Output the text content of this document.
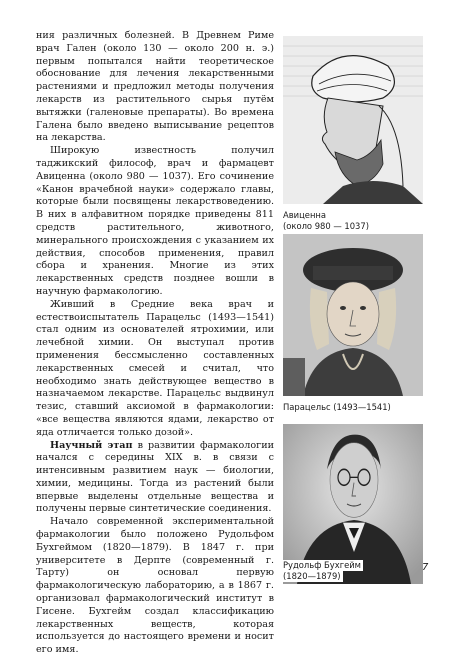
ния различных болезней. В Древнем Риме врач Гален (около 130 — около 200 н. э.) первым попытался найти теоретическое обоснование для лечения лекарственными растениями и предложил методы получения лекарств из растительного сырья путём вытяжки (галеновые препараты). Во времена Галена было введено выписывание рецептов на лекарства.

Широкую известность получил таджикский философ, врач и фармацевт Авиценна (около 980 — 1037). Его сочинение «Канон врачебной науки» содержало главы, которые были посвящены лекарствоведению. В них в алфавитном порядке приведены 811 средств растительного, животного, минерального происхождения с указанием их действия, способов применения, правил сбора и хранения. Многие из этих лекарственных средств позднее вошли в научную фармакологию.

Живший в Средние века врач и естествоиспытатель Парацельс (1493—1541) стал одним из основателей ятрохимии, или лечебной химии. Он выступал против применения бессмысленно составленных лекарственных смесей и считал, что необходимо знать действующее вещество в назначаемом лекарстве. Парацельс выдвинул тезис, ставший аксиомой в фармакологии: «все вещества являются ядами, лекарство от яда отличается только дозой».

Научный этап в развитии фармакологии начался с середины XIX в. в связи с интенсивным развитием наук — биологии, химии, медицины. Тогда из растений были впервые выделены отдельные вещества и получены первые синтетические соединения.

Начало современной экспериментальной фармакологии было положено Рудольфом Бухгеймом (1820—1879). В 1847 г. при университете в Дерпте (современный г. Тарту) он основал первую фармакологическую лабораторию, а в 1867 г. организовал фармакологический институт в Гисене. Бухгейм создал классификацию лекарственных веществ, которая используется до настоящего времени и носит его имя.

Авиценна
(около 980 — 1037)
Парацельс (1493—1541)
7
Рудольф Бухгейм
(1820—1879)
